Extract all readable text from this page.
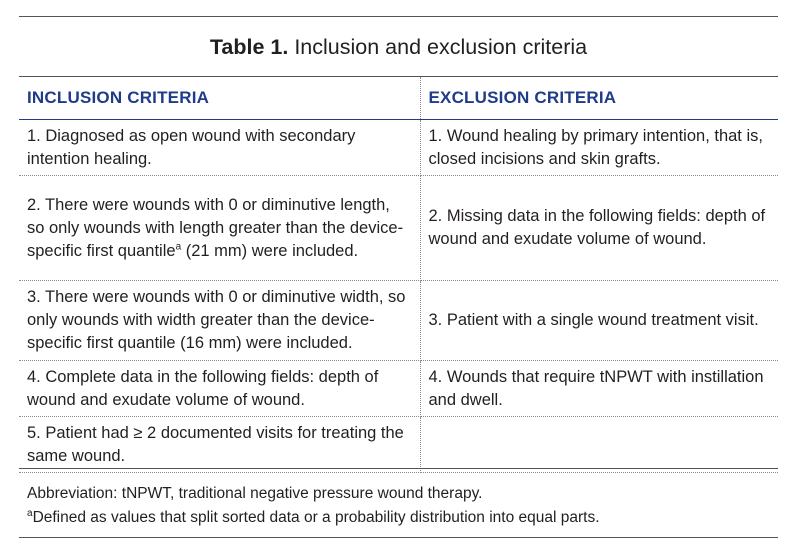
Table 1. Inclusion and exclusion criteria
INCLUSION CRITERIA	EXCLUSION CRITERIA
1. Diagnosed as open wound with secondary intention healing.	1. Wound healing by primary intention, that is, closed incisions and skin grafts.
2. There were wounds with 0 or diminutive length, so only wounds with length greater than the device-specific first quantile$^a$ (21 mm) were included.	2. Missing data in the following fields: depth of wound and exudate volume of wound.
3. There were wounds with 0 or diminutive width, so only wounds with width greater than the device-specific first quantile (16 mm) were included.	3. Patient with a single wound treatment visit.
4. Complete data in the following fields: depth of wound and exudate volume of wound.	4. Wounds that require tNPWT with instillation and dwell.
5. Patient had ≥ 2 documented visits for treating the same wound.	
Abbreviation: tNPWT, traditional negative pressure wound therapy.
$^a$Defined as values that split sorted data or a probability distribution into equal parts.
